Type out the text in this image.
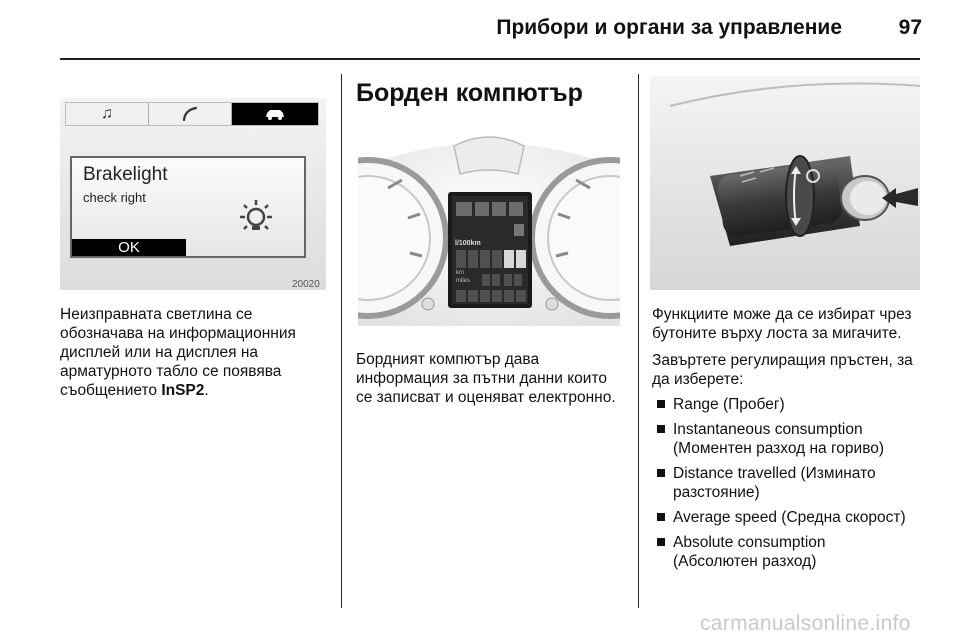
Прибори и органи за управление	97
♫
Brakelight
check right
OK
20020

Неизправната светлина се обозначава на информационния дисплей или на дисплея на арматурното табло се появява съобщението InSP2.

Борден компютър
l/100km
km
miles

Бордният компютър дава информация за пътни данни които се записват и оценяват електронно.

Функциите може да се избират чрез бутоните върху лоста за мигачите.

Завъртете регулиращия пръстен, за да изберете:

Range (Пробег)
Instantaneous consumption
(Моментен разход на гориво)
Distance travelled (Изминато
разстояние)
Average speed (Средна скорост)
Absolute consumption
(Абсолютен разход)
carmanualsonline.info
